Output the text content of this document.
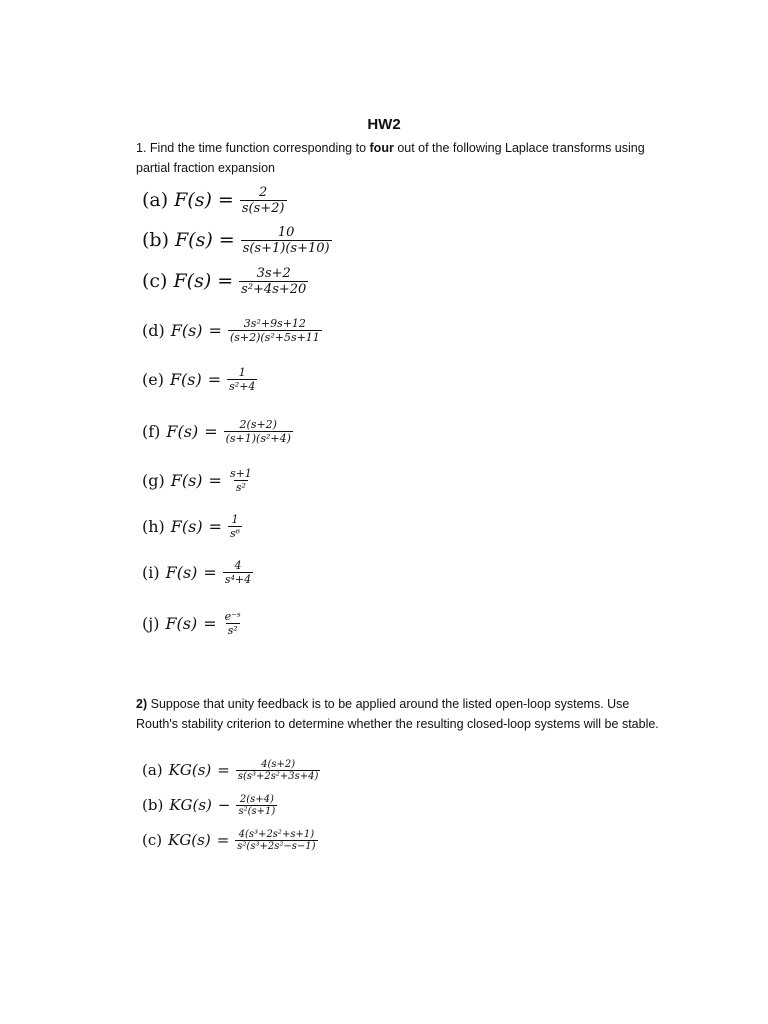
HW2
1. Find the time function corresponding to four out of the following Laplace transforms using partial fraction expansion
(a) $F(s) = \frac{2}{s(s+2)}$
(b) $F(s) = \frac{10}{s(s+1)(s+10)}$
(c) $F(s) = \frac{3s+2}{\text{s²+4s+20}}$
(d) $F(s) = \frac{\text{3s²+9s+12}}{\text{(s+2)(s²+5s+11}}$
(e) $F(s) = \frac{1}{\text{s²+4}}$
(f) $F(s) = \frac{2(s+2)}{\text{(s+1)(s²+4)}}$
(g) $F(s) = \frac{s+1}{\text{s²}}$
(h) $F(s) = \frac{1}{\text{s⁶}}$
(i) $F(s) = \frac{4}{\text{s⁴+4}}$
(j) $F(s) = \frac{\text{e⁻ˢ}}{\text{s²}}$
2) Suppose that unity feedback is to be applied around the listed open-loop systems. Use Routh's stability criterion to determine whether the resulting closed-loop systems will be stable.
(a) $KG(s) = \frac{4(s+2)}{\text{s(s³+2s²+3s+4)}}$
(b) $KG(s) - \frac{2(s+4)}{\text{s²(s+1)}}$
(c) $KG(s) = \frac{\text{4(s³+2s²+s+1)}}{\text{s²(s³+2s²−s−1)}}$
